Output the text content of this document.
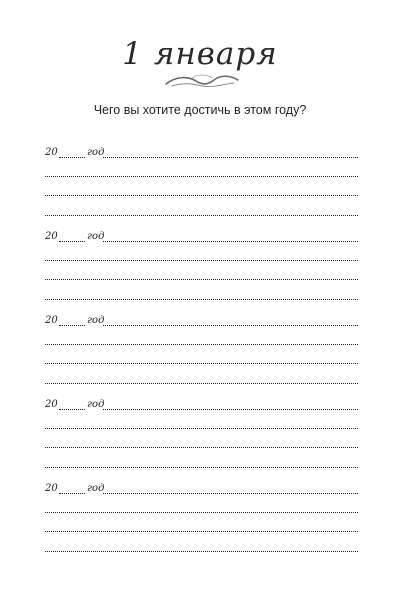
1 января
Чего вы хотите достичь в этом году?
20	год
20	год
20	год
20	год
20	год
